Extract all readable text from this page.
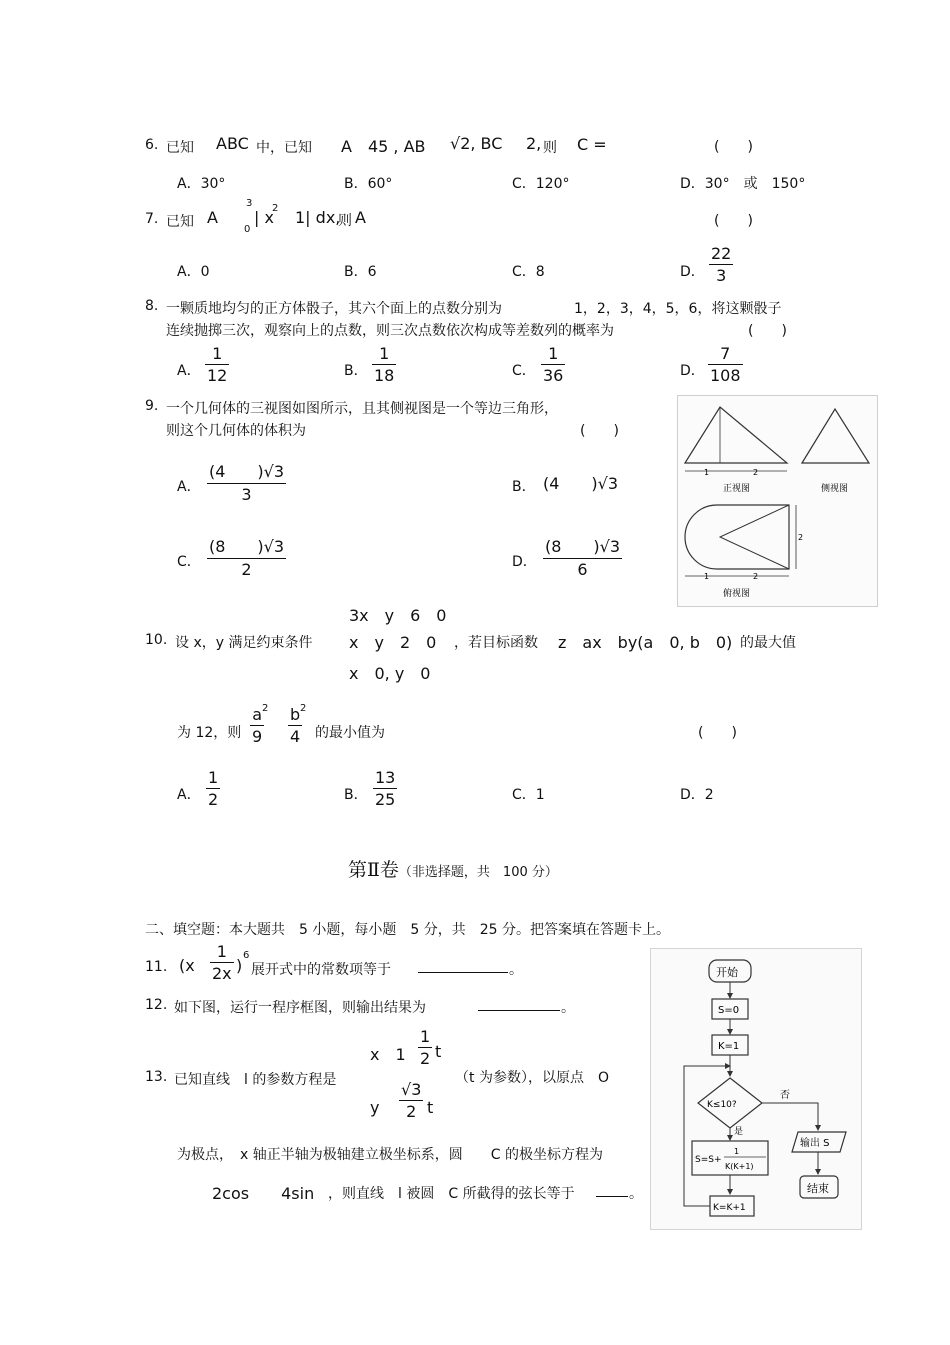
6. 已知 ABC 中，已知 A　45 , AB √2, BC 2, 则 C =	(　　)
A．30°	B．60°	C．120°	D．30°　或　150°
7. 已知 A
3
0
| x
2 1| dx,
则 A	(　　)
A．0	B．6	C．8	D．
22
3
8. 一颗质地均匀的正方体骰子，其六个面上的点数分别为	1，2，3，4，5，6，将这颗骰子
连续抛掷三次，观察向上的点数，则三次点数依次构成等差数列的概率为	(　　)
A．
1
12	B．
1
18	C．
1
36	D．
7
108
9. 一个几何体的三视图如图所示，且其侧视图是一个等边三角形，
则这个几何体的体积为	(　　)
A．
(4　　)√3
3	B． (4　　)√3
C．
(8　　)√3
2	D．
(8　　)√3
6
1	2
正视图	侧视图
2
1	2
俯视图
3x　y　6　0
10. 设 x，y 满足约束条件 x　y　2　0 ，若目标函数 z　ax　by(a　0, b　0) 的最大值
x　0, y　0
为 12，则
a
9
2 b
4
2
的最小值为	(　　)
A．
1
2	B．
13
25	C．1	D．2
第Ⅱ卷（非选择题，共　100 分）
二、填空题：本大题共　5 小题，每小题　5 分，共　25 分。把答案填在答题卡上。
11. (x
1
2x )
6
展开式中的常数项等于	。
12. 如下图，运行一程序框图，则输出结果为	。
x　1
1
2 t
13. 已知直线　l 的参数方程是	（t 为参数），以原点　O
y
√3
2 t
为极点，　x 轴正半轴为极轴建立极坐标系，圆　　C 的极坐标方程为
2cos　　4sin ，则直线　l 被圆　C 所截得的弦长等于	。
开始
S=0
K=1
K≤10?
否
输出 S
结束
是
S=S+
1
K(K+1)
K=K+1
